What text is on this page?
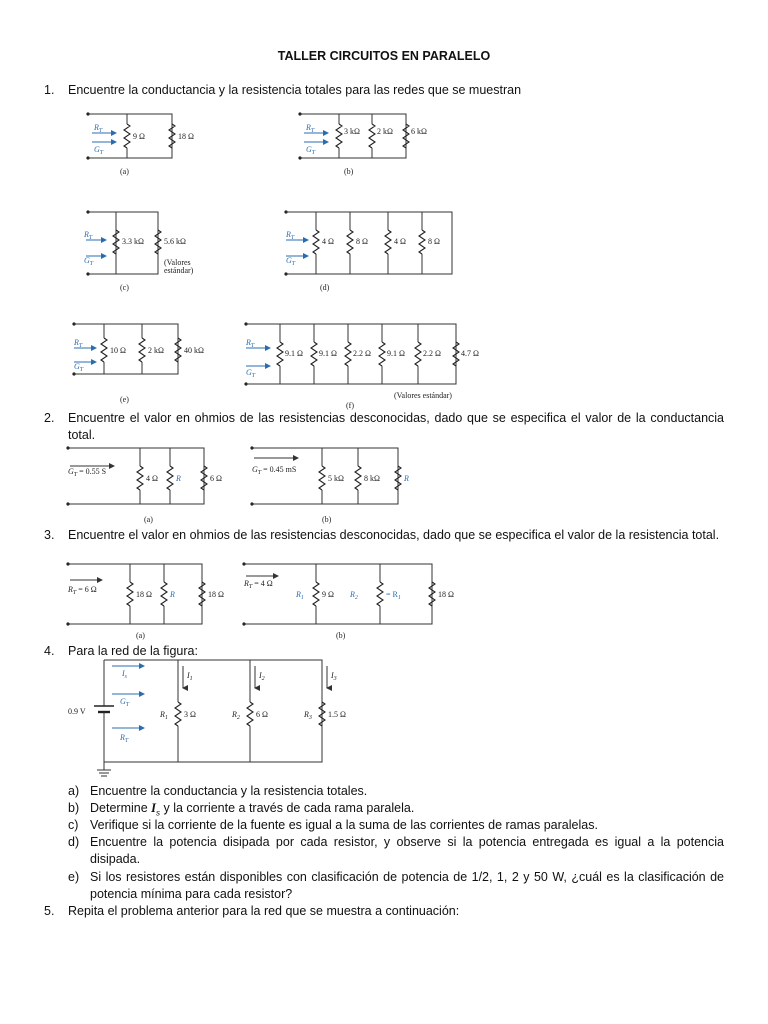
TALLER CIRCUITOS EN PARALELO
1. Encuentre la conductancia y la resistencia totales para las redes que se muestran
9 Ω	18 Ω
$R_T$
$G_T$
(a)
3 kΩ 2 kΩ 6 kΩ
$R_T$
$G_T$
(b)
3.3 kΩ	5.6 kΩ
(Valores
estándar)
$R_T$
$G_T$
(c)
4 Ω	8 Ω	4 Ω	8 Ω
$R_T$
$G_T$
(d)
10 Ω	2 kΩ	40 kΩ
$R_T$
$G_T$
(e)
9.1 Ω 9.1 Ω 2.2 Ω 9.1 Ω 2.2 Ω	4.7 Ω
$R_T$
$G_T$
(Valores estándar)
(f)
2. Encuentre el valor en ohmios de las resistencias desconocidas, dado que se especifica el valor de la conductancia total.
$G_T = 0.55$ S
4 Ω R	6 Ω
(a)
$G_T = 0.45$ mS
5 kΩ	8 kΩ	R
(b)
3. Encuentre el valor en ohmios de las resistencias desconocidas, dado que se especifica el valor de la resistencia total.
$R_T = 6$ Ω
18 Ω R	18 Ω
(a)
$R_T = 4$ Ω
$R_1$ 9 Ω $R_2$	= $R_1$	18 Ω
(b)
4. Para la red de la figura:
0.9 V	$R_1$ 3 Ω	$R_2$ 6 Ω	$R_3$ 1.5 Ω
$I_s$
$G_T$
$R_T$
$I_1$	$I_2$	$I_3$
a) Encuentre la conductancia y la resistencia totales.
b) Determine $I_s$ y la corriente a través de cada rama paralela.
c) Verifique si la corriente de la fuente es igual a la suma de las corrientes de ramas paralelas.
d) Encuentre la potencia disipada por cada resistor, y observe si la potencia entregada es igual a la potencia disipada.
e) Si los resistores están disponibles con clasificación de potencia de 1/2, 1, 2 y 50 W, ¿cuál es la clasificación de potencia mínima para cada resistor?
5. Repita el problema anterior para la red que se muestra a continuación:
